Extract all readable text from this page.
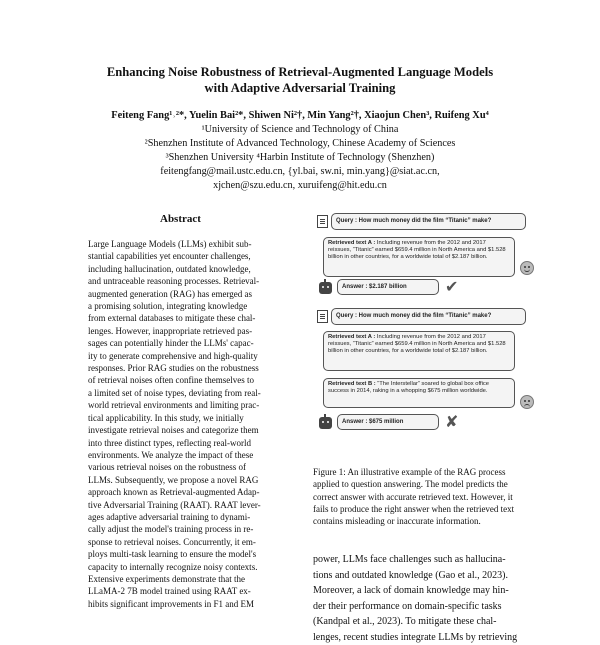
Enhancing Noise Robustness of Retrieval-Augmented Language Models
with Adaptive Adversarial Training
Feiteng Fang¹˒²*, Yuelin Bai²*, Shiwen Ni²†, Min Yang²†, Xiaojun Chen³, Ruifeng Xu⁴
¹University of Science and Technology of China
²Shenzhen Institute of Advanced Technology, Chinese Academy of Sciences
³Shenzhen University ⁴Harbin Institute of Technology (Shenzhen)
feitengfang@mail.ustc.edu.cn, {yl.bai, sw.ni, min.yang}@siat.ac.cn,
xjchen@szu.edu.cn, xuruifeng@hit.edu.cn
Abstract
Large Language Models (LLMs) exhibit sub-
stantial capabilities yet encounter challenges,
including hallucination, outdated knowledge,
and untraceable reasoning processes. Retrieval-
augmented generation (RAG) has emerged as
a promising solution, integrating knowledge
from external databases to mitigate these chal-
lenges. However, inappropriate retrieved pas-
sages can potentially hinder the LLMs' capac-
ity to generate comprehensive and high-quality
responses. Prior RAG studies on the robustness
of retrieval noises often confine themselves to
a limited set of noise types, deviating from real-
world retrieval environments and limiting prac-
tical applicability. In this study, we initially
investigate retrieval noises and categorize them
into three distinct types, reflecting real-world
environments. We analyze the impact of these
various retrieval noises on the robustness of
LLMs. Subsequently, we propose a novel RAG
approach known as Retrieval-augmented Adap-
tive Adversarial Training (RAAT). RAAT lever-
ages adaptive adversarial training to dynami-
cally adjust the model's training process in re-
sponse to retrieval noises. Concurrently, it em-
ploys multi-task learning to ensure the model's
capacity to internally recognize noisy contexts.
Extensive experiments demonstrate that the
LLaMA-2 7B model trained using RAAT ex-
hibits significant improvements in F1 and EM
Query : How much money did the film “Titanic” make?
Retrieved text A : Including revenue from the 2012 and 2017 reissues, “Titanic” earned $659.4 million in North America and $1.528 billion in other countries, for a worldwide total of $2.187 billion.
Answer : $2.187 billion	✔
Query : How much money did the film “Titanic” make?
Retrieved text A : Including revenue from the 2012 and 2017 reissues, “Titanic” earned $659.4 million in North America and $1.528 billion in other countries, for a worldwide total of $2.187 billion.
Retrieved text B : “The Interstellar” soared to global box office success in 2014, raking in a whopping $675 million worldwide.
Answer : $675 million	✘
Figure 1: An illustrative example of the RAG process
applied to question answering. The model predicts the
correct answer with accurate retrieved text. However, it
fails to produce the right answer when the retrieved text
contains misleading or inaccurate information.
power, LLMs face challenges such as hallucina-
tions and outdated knowledge (Gao et al., 2023).
Moreover, a lack of domain knowledge may hin-
der their performance on domain-specific tasks
(Kandpal et al., 2023). To mitigate these chal-
lenges, recent studies integrate LLMs by retrieving
